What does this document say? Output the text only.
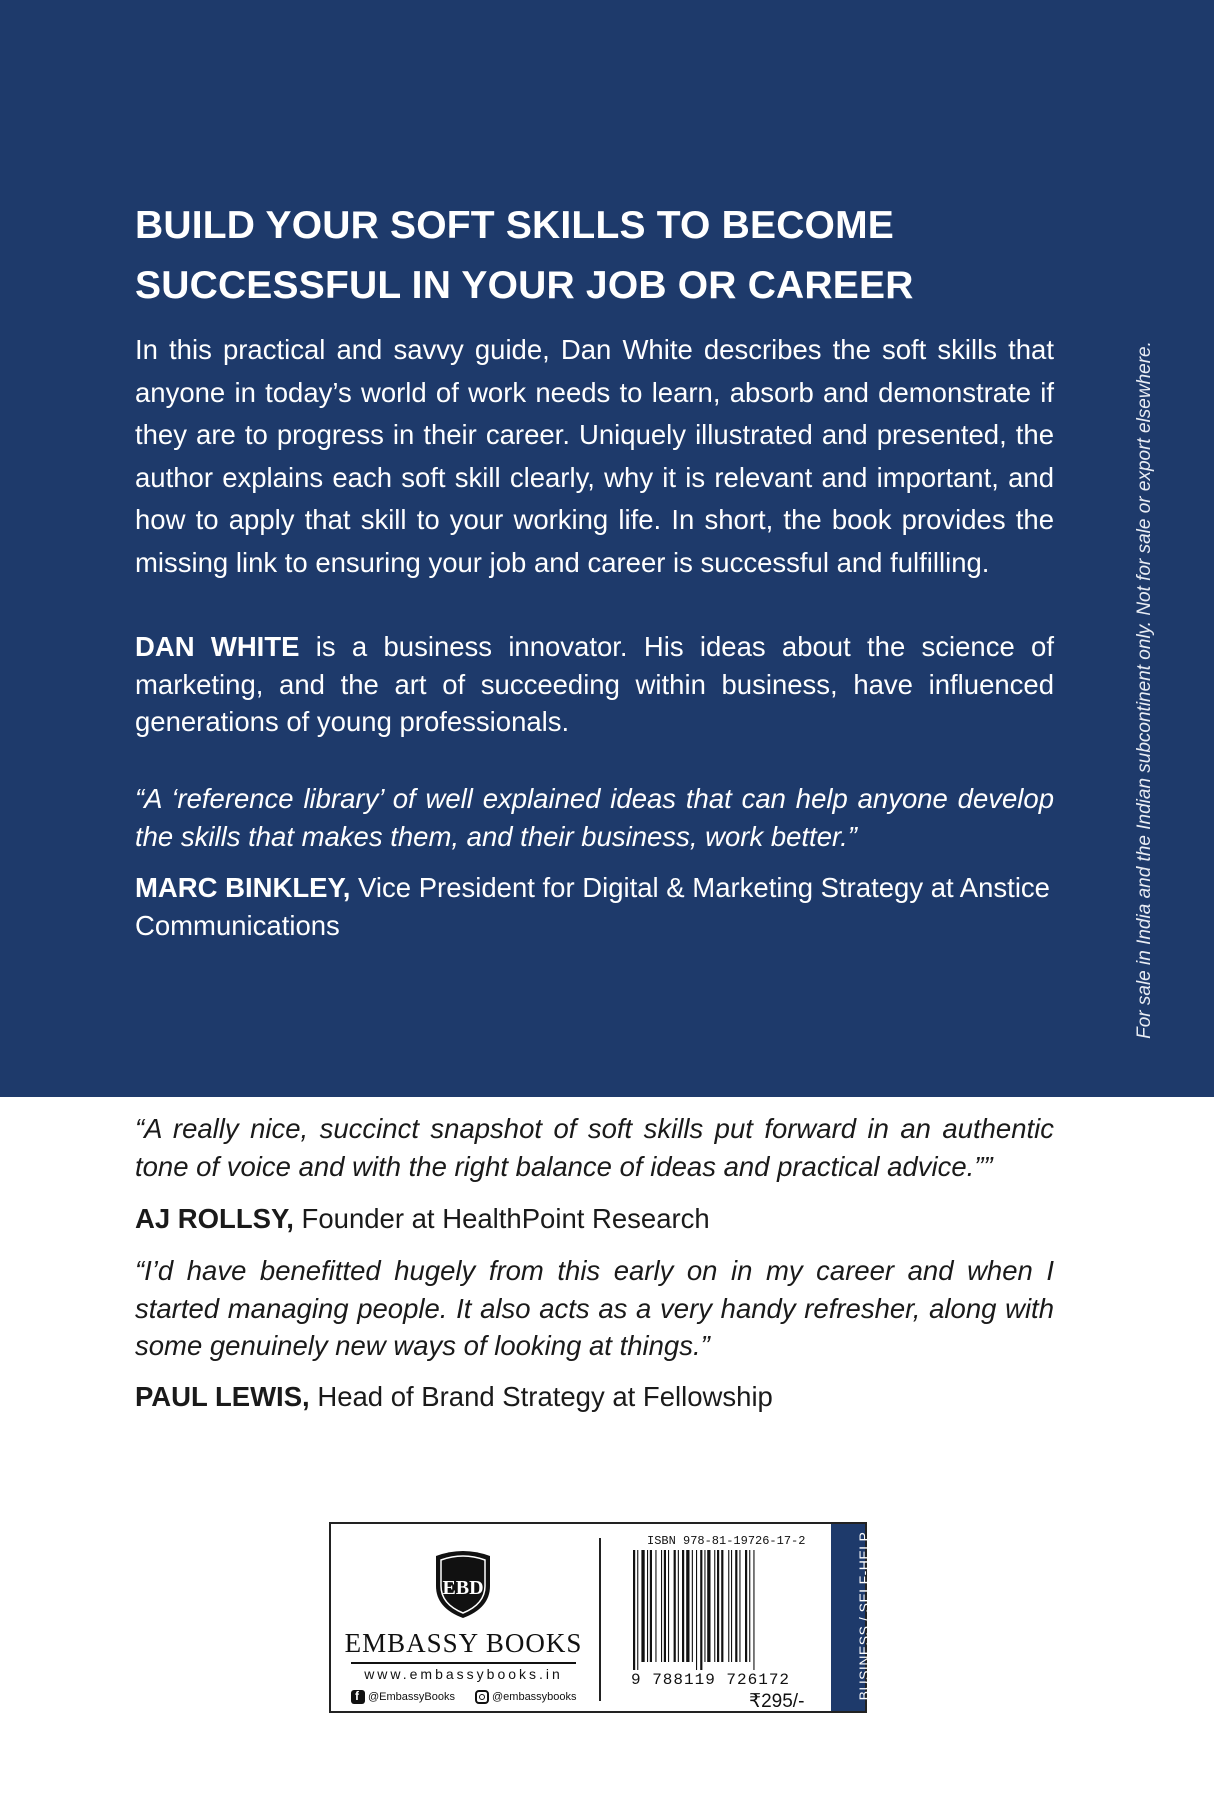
BUILD YOUR SOFT SKILLS TO BECOME
SUCCESSFUL IN YOUR JOB OR CAREER

In this practical and savvy guide, Dan White describes the soft skills that anyone in today’s world of work needs to learn, absorb and demonstrate if they are to progress in their career. Uniquely illustrated and presented, the author explains each soft skill clearly, why it is relevant and important, and how to apply that skill to your working life. In short, the book provides the missing link to ensuring your job and career is successful and fulfilling.

DAN WHITE is a business innovator. His ideas about the science of marketing, and the art of succeeding within business, have influenced generations of young professionals.

“A ‘reference library’ of well explained ideas that can help anyone develop the skills that makes them, and their business, work better.”

MARC BINKLEY, Vice President for Digital & Marketing Strategy at Anstice Communications	For sale in India and the Indian subcontinent only. Not for sale or export elsewhere.

“A really nice, succinct snapshot of soft skills put forward in an authentic tone of voice and with the right balance of ideas and practical advice.””

AJ ROLLSY, Founder at HealthPoint Research

“I’d have benefitted hugely from this early on in my career and when I started managing people. It also acts as a very handy refresher, along with some genuinely new ways of looking at things.”

PAUL LEWIS, Head of Brand Strategy at Fellowship

EBD
EMBASSY BOOKS
www.embassybooks.in
f
@EmbassyBooks	@embassybooks
ISBN 978-81-19726-17-2
9 788119 726172
₹295/-
BUSINESS / SELF-HELP
